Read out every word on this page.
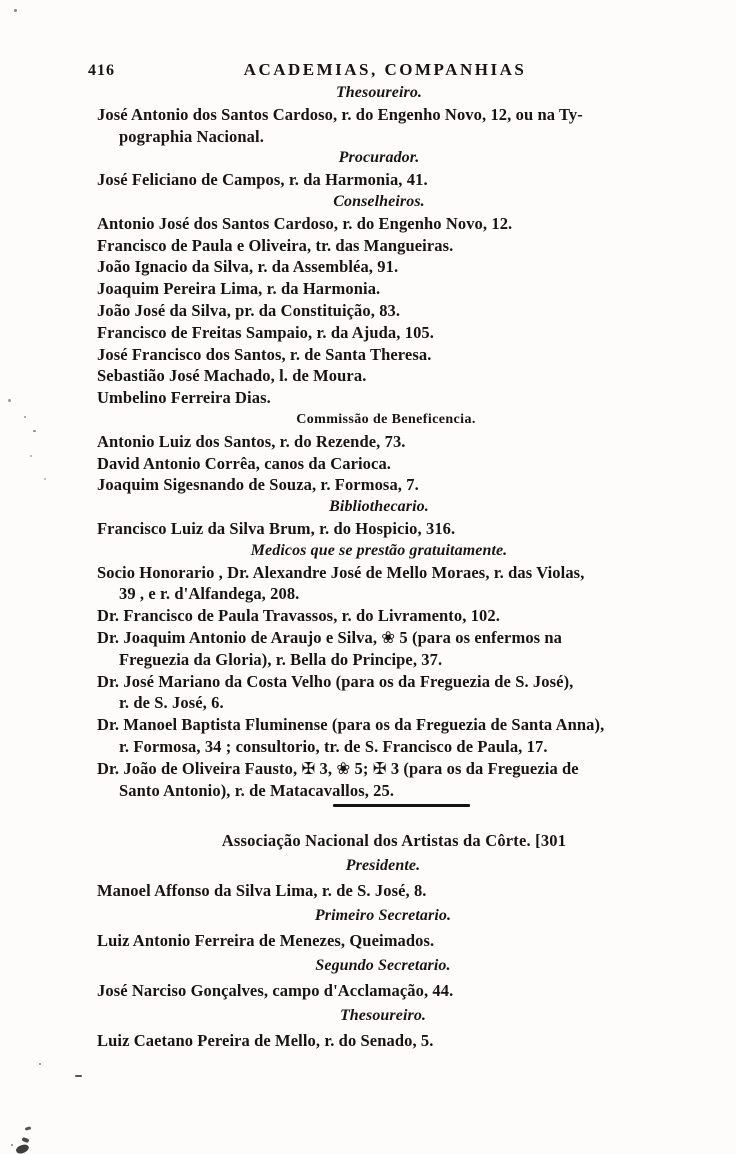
416	ACADEMIAS, COMPANHIAS
Thesoureiro.
José Antonio dos Santos Cardoso, r. do Engenho Novo, 12, ou na Ty-
pographia Nacional.
Procurador.
José Feliciano de Campos, r. da Harmonia, 41.
Conselheiros.
Antonio José dos Santos Cardoso, r. do Engenho Novo, 12.
Francisco de Paula e Oliveira, tr. das Mangueiras.
João Ignacio da Silva, r. da Assembléa, 91.
Joaquim Pereira Lima, r. da Harmonia.
João José da Silva, pr. da Constituição, 83.
Francisco de Freitas Sampaio, r. da Ajuda, 105.
José Francisco dos Santos, r. de Santa Theresa.
Sebastião José Machado, l. de Moura.
Umbelino Ferreira Dias.
Commissão de Beneficencia.
Antonio Luiz dos Santos, r. do Rezende, 73.
David Antonio Corrêa, canos da Carioca.
Joaquim Sigesnando de Souza, r. Formosa, 7.
Bibliothecario.
Francisco Luiz da Silva Brum, r. do Hospicio, 316.
Medicos que se prestão gratuitamente.
Socio Honorario , Dr. Alexandre José de Mello Moraes, r. das Violas,
39 , e r. d'Alfandega, 208.
Dr. Francisco de Paula Travassos, r. do Livramento, 102.
Dr. Joaquim Antonio de Araujo e Silva, ❀ 5 (para os enfermos na
Freguezia da Gloria), r. Bella do Principe, 37.
Dr. José Mariano da Costa Velho (para os da Freguezia de S. José),
r. de S. José, 6.
Dr. Manoel Baptista Fluminense (para os da Freguezia de Santa Anna),
r. Formosa, 34 ; consultorio, tr. de S. Francisco de Paula, 17.
Dr. João de Oliveira Fausto, ✠ 3, ❀ 5; ✠ 3 (para os da Freguezia de
Santo Antonio), r. de Matacavallos, 25.
Associação Nacional dos Artistas da Côrte. [301
Presidente.
Manoel Affonso da Silva Lima, r. de S. José, 8.
Primeiro Secretario.
Luiz Antonio Ferreira de Menezes, Queimados.
Segundo Secretario.
José Narciso Gonçalves, campo d'Acclamação, 44.
Thesoureiro.
Luiz Caetano Pereira de Mello, r. do Senado, 5.
